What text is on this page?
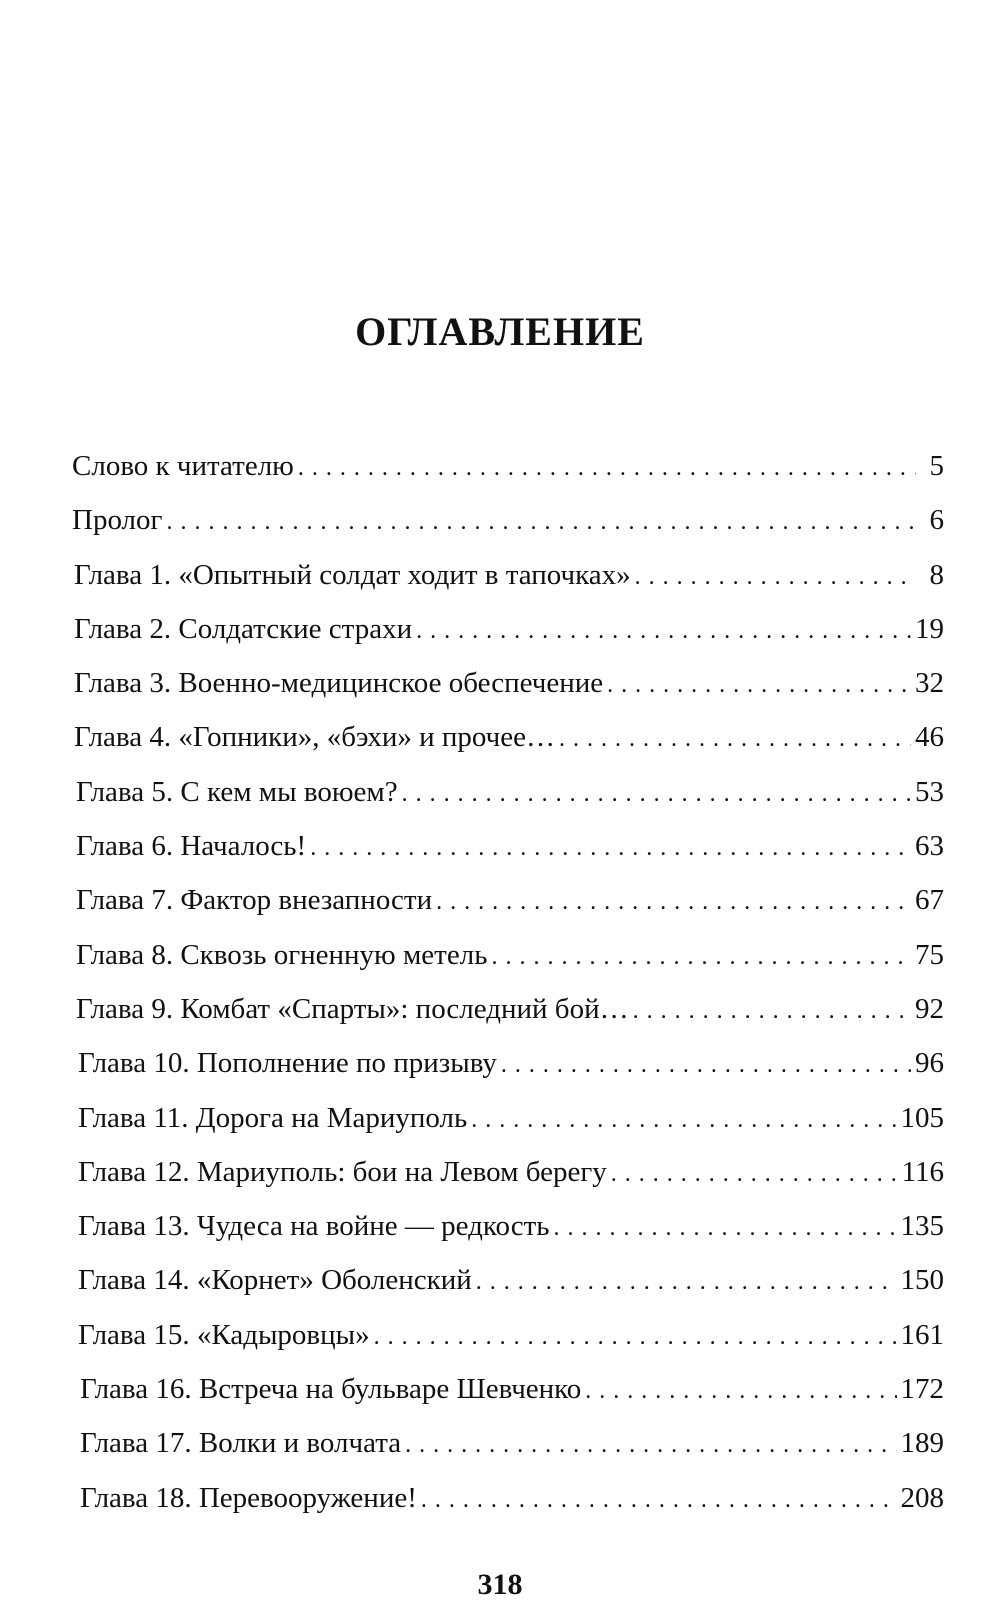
ОГЛАВЛЕНИЕ
Слово к читателю . . .	5
Пролог . . .	6
Глава 1. «Опытный солдат ходит в тапочках» . . .	8
Глава 2. Солдатские страхи . . .	19
Глава 3. Военно-медицинское обеспечение . . .	32
Глава 4. «Гопники», «бэхи» и прочее… . . .	46
Глава 5. С кем мы воюем? . . .	53
Глава 6. Началось! . . .	63
Глава 7. Фактор внезапности . . .	67
Глава 8. Сквозь огненную метель . . .	75
Глава 9. Комбат «Спарты»: последний бой… . . .	92
Глава 10. Пополнение по призыву . . .	96
Глава 11. Дорога на Мариуполь . . .	105
Глава 12. Мариуполь: бои на Левом берегу . . .	116
Глава 13. Чудеса на войне — редкость . . .	135
Глава 14. «Корнет» Оболенский . . .	150
Глава 15. «Кадыровцы» . . .	161
Глава 16. Встреча на бульваре Шевченко . . .	172
Глава 17. Волки и волчата . . .	189
Глава 18. Перевооружение! . . .	208
318
